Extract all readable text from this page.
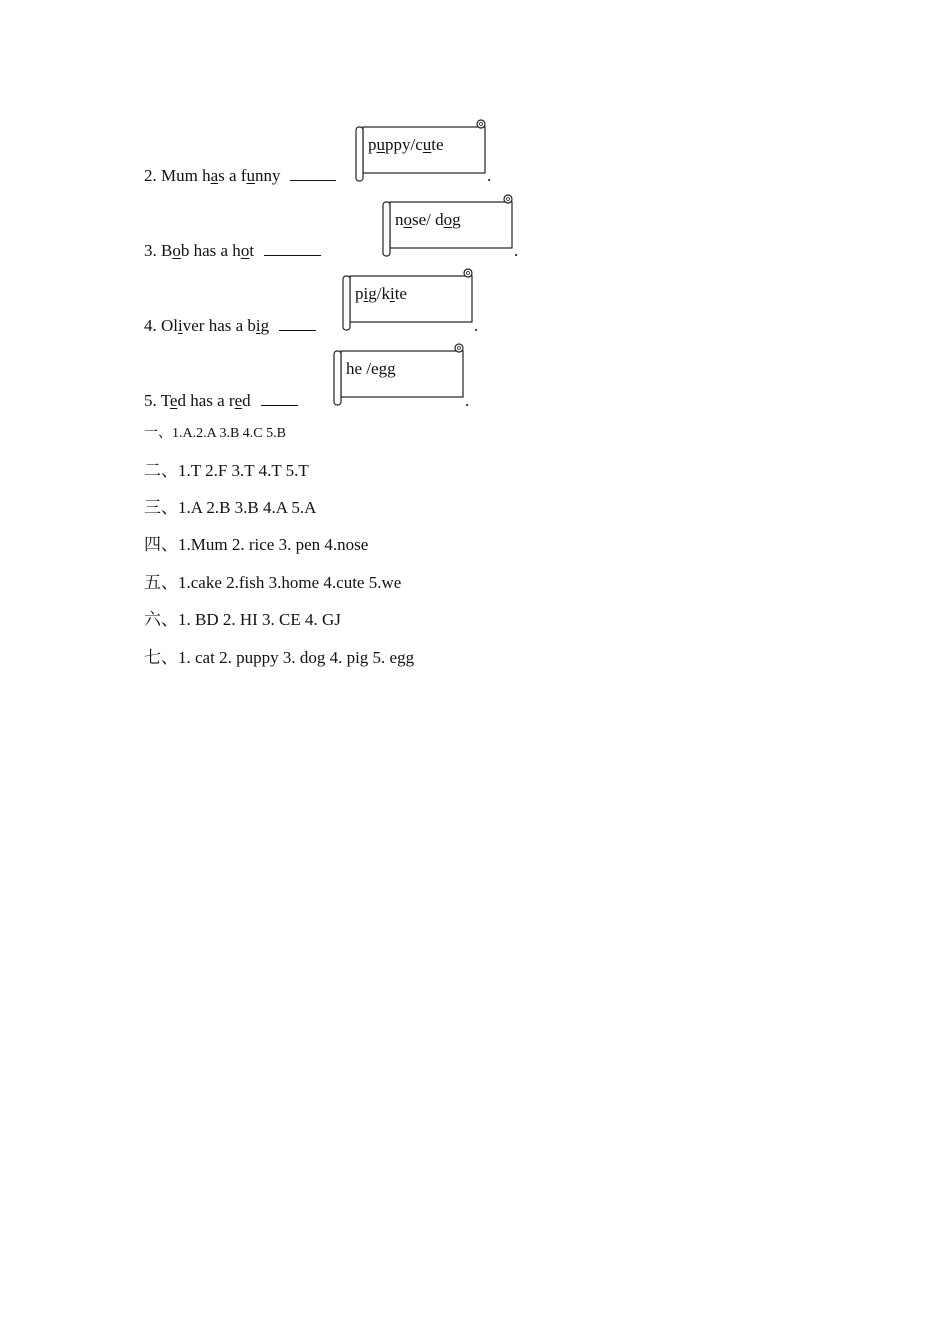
2. Mum has a funny
puppy/cute
.
3. Bob has a hot
nose/ dog
.
4. Oliver has a big
pig/kite
.
5. Ted has a red
he /egg
.
一、1.A.2.A 3.B 4.C 5.B
二、1.T 2.F 3.T 4.T 5.T
三、1.A 2.B 3.B 4.A 5.A
四、1.Mum 2. rice 3. pen 4.nose
五、1.cake 2.fish 3.home 4.cute 5.we
六、1. BD 2. HI 3. CE 4. GJ
七、1. cat 2. puppy 3. dog 4. pig 5. egg
